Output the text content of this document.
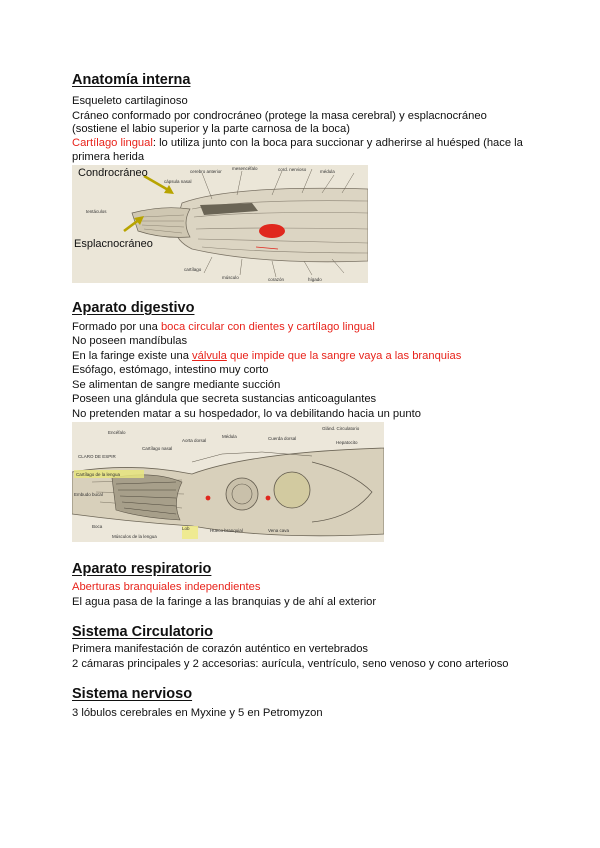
Anatomía interna
Esqueleto cartilaginoso
Cráneo conformado por condrocráneo (protege la masa cerebral) y esplacnocráneo
(sostiene el labio superior y la parte carnosa de la boca)
Cartílago lingual: lo utiliza junto con la boca para succionar y adherirse al huésped (hace la
primera herida
cerebro anterior
mesencéfalo	cord. nervioso	médula
cápsula nasal
tentáculos
cartílago
músculo	corazón	hígado
Condrocráneo
Esplacnocráneo
Aparato digestivo
Formado por una boca circular con dientes y cartílago lingual
No poseen mandíbulas
En la faringe existe una válvula que impide que la sangre vaya a las branquias
Esófago, estómago, intestino muy corto
Se alimentan de sangre mediante succión
Poseen una glándula que secreta sustancias anticoagulantes
No pretenden matar a su hospedador, lo va debilitando hacia un punto
CLARO DE ESPIR
Cartílago de la lengua
Embudo bucal
Encéfalo
Cartílago nasal
Aorta dorsal
Médula	Cuerda dorsal
Glánd. Circulatorio
Hepatocito
Boca
Músculos de la lengua
Hueco branquial	Vena cava
Lob
Aparato respiratorio
Aberturas branquiales independientes
El agua pasa de la faringe a las branquias y de ahí al exterior
Sistema Circulatorio
Primera manifestación de corazón auténtico en vertebrados
2 cámaras principales y 2 accesorias: aurícula, ventrículo, seno venoso y cono arterioso
Sistema nervioso
3 lóbulos cerebrales en Myxine y 5 en Petromyzon
